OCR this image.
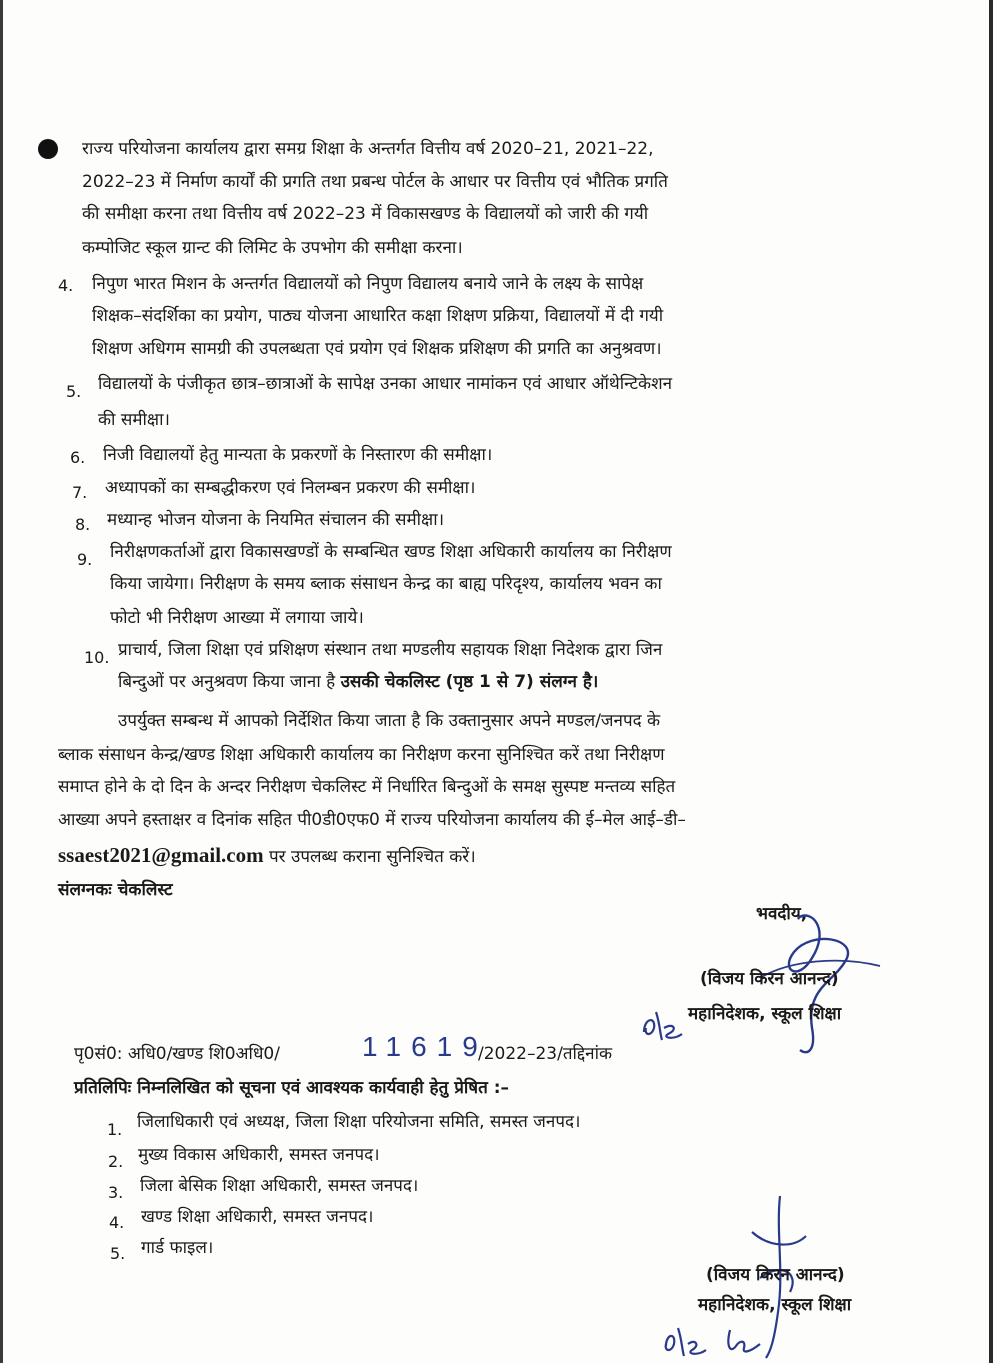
राज्य परियोजना कार्यालय द्वारा समग्र शिक्षा के अन्तर्गत वित्तीय वर्ष 2020–21, 2021–22,
2022–23 में निर्माण कार्यों की प्रगति तथा प्रबन्ध पोर्टल के आधार पर वित्तीय एवं भौतिक प्रगति
की समीक्षा करना तथा वित्तीय वर्ष 2022–23 में विकासखण्ड के विद्यालयों को जारी की गयी
कम्पोजिट स्कूल ग्रान्ट की लिमिट के उपभोग की समीक्षा करना।
4. निपुण भारत मिशन के अन्तर्गत विद्यालयों को निपुण विद्यालय बनाये जाने के लक्ष्य के सापेक्ष
शिक्षक–संदर्शिका का प्रयोग, पाठ्य योजना आधारित कक्षा शिक्षण प्रक्रिया, विद्यालयों में दी गयी
शिक्षण अधिगम सामग्री की उपलब्धता एवं प्रयोग एवं शिक्षक प्रशिक्षण की प्रगति का अनुश्रवण।
5. विद्यालयों के पंजीकृत छात्र–छात्राओं के सापेक्ष उनका आधार नामांकन एवं आधार ऑथेन्टिकेशन
की समीक्षा।
6. निजी विद्यालयों हेतु मान्यता के प्रकरणों के निस्तारण की समीक्षा।
7. अध्यापकों का सम्बद्धीकरण एवं निलम्बन प्रकरण की समीक्षा।
8. मध्यान्ह भोजन योजना के नियमित संचालन की समीक्षा।
9. निरीक्षणकर्ताओं द्वारा विकासखण्डों के सम्बन्धित खण्ड शिक्षा अधिकारी कार्यालय का निरीक्षण
किया जायेगा। निरीक्षण के समय ब्लाक संसाधन केन्द्र का बाह्य परिदृश्य, कार्यालय भवन का
फोटो भी निरीक्षण आख्या में लगाया जाये।
10. प्राचार्य, जिला शिक्षा एवं प्रशिक्षण संस्थान तथा मण्डलीय सहायक शिक्षा निदेशक द्वारा जिन
बिन्दुओं पर अनुश्रवण किया जाना है उसकी चेकलिस्ट (पृष्ठ 1 से 7) संलग्न है।
उपर्युक्त सम्बन्ध में आपको निर्देशित किया जाता है कि उक्तानुसार अपने मण्डल/जनपद के
ब्लाक संसाधन केन्द्र/खण्ड शिक्षा अधिकारी कार्यालय का निरीक्षण करना सुनिश्चित करें तथा निरीक्षण
समाप्त होने के दो दिन के अन्दर निरीक्षण चेकलिस्ट में निर्धारित बिन्दुओं के समक्ष सुस्पष्ट मन्तव्य सहित
आख्या अपने हस्ताक्षर व दिनांक सहित पी0डी0एफ0 में राज्य परियोजना कार्यालय की ई–मेल आई–डी–
ssaest2021@gmail.com पर उपलब्ध कराना सुनिश्चित करें।
संलग्नकः चेकलिस्ट
भवदीय,
(विजय किरन आनन्द)
महानिदेशक, स्कूल शिक्षा
पृ0सं0: अधि0/खण्ड शि0अधि0/	11619
/2022–23/तद्दिनांक
प्रतिलिपिः निम्नलिखित को सूचना एवं आवश्यक कार्यवाही हेतु प्रेषित :–
1. जिलाधिकारी एवं अध्यक्ष, जिला शिक्षा परियोजना समिति, समस्त जनपद।
2. मुख्य विकास अधिकारी, समस्त जनपद।
3. जिला बेसिक शिक्षा अधिकारी, समस्त जनपद।
4. खण्ड शिक्षा अधिकारी, समस्त जनपद।
5. गार्ड फाइल।
(विजय किरन आनन्द)
महानिदेशक, स्कूल शिक्षा
